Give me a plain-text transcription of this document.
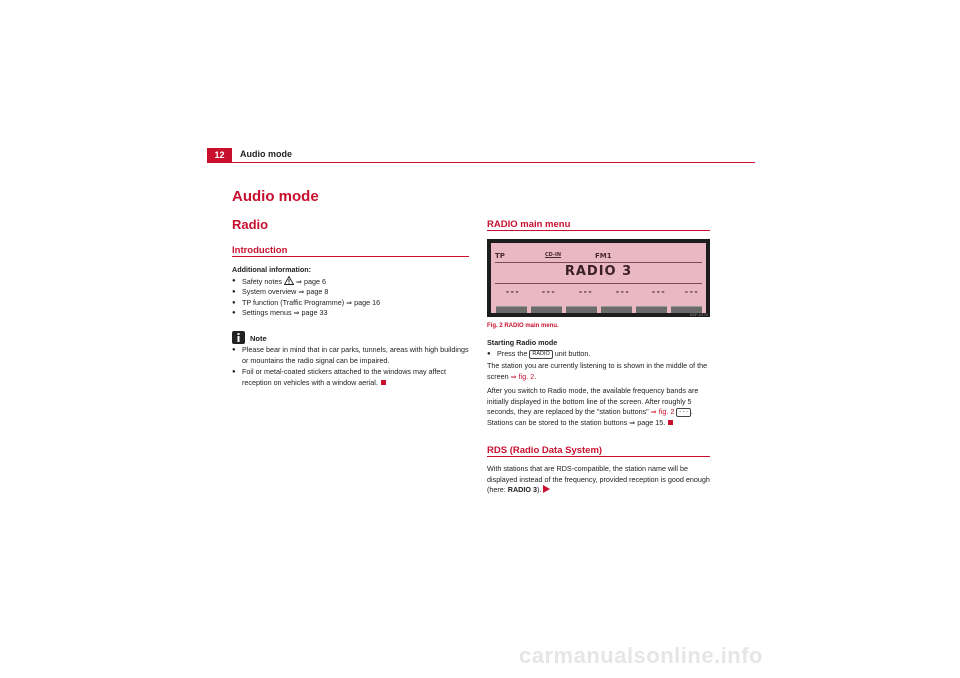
12	Audio mode
Audio mode
Radio
Introduction
Additional information:
● Safety notes ⇒ page 6
● System overview ⇒ page 8
● TP function (Traffic Programme) ⇒ page 16
● Settings menus ⇒ page 33
Note
● Please bear in mind that in car parks, tunnels, areas with high buildings or mountains the radio signal can be impaired.
● Foil or metal-coated stickers attached to the windows may affect reception on vehicles with a window aerial.
RADIO main menu
TP	CD-IN	FM1
RADIO 3
---	---	---	---	--- ---
B5P-0379
Fig. 2 RADIO main menu.
Starting Radio mode
● Press the RADIO unit button.
The station you are currently listening to is shown in the middle of the screen ⇒ fig. 2.
After you switch to Radio mode, the available frequency bands are initially displayed in the bottom line of the screen. After roughly 5 seconds, they are replaced by the "station buttons" ⇒ fig. 2 - - - . Stations can be stored to the station buttons ⇒ page 15.
RDS (Radio Data System)
With stations that are RDS-compatible, the station name will be displayed instead of the frequency, provided reception is good enough (here: RADIO 3).
carmanualsonline.info
